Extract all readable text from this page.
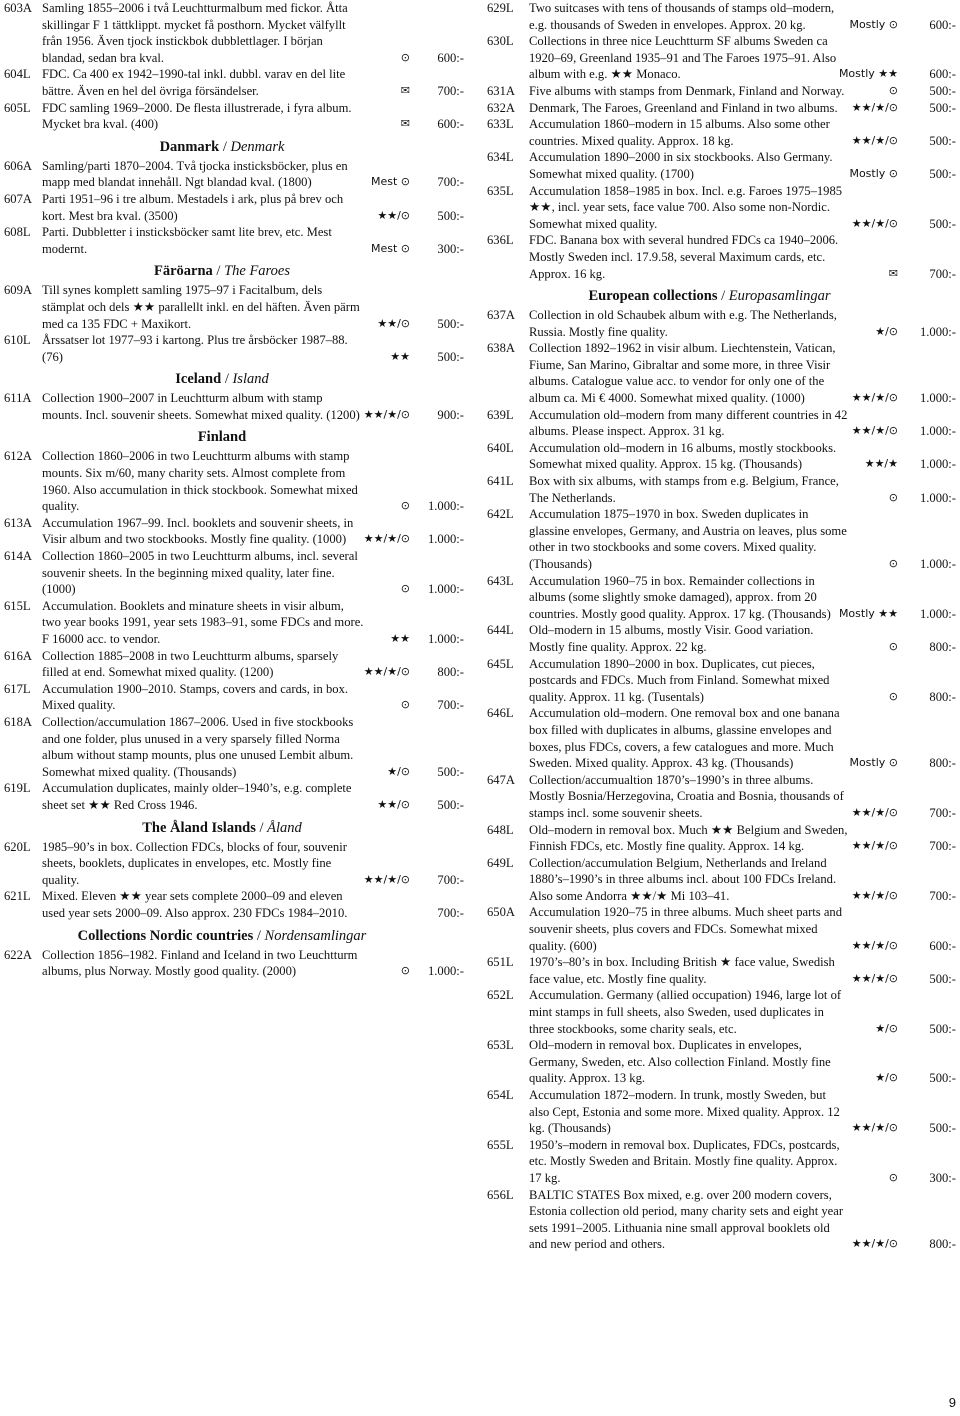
603A Samling 1855–2006 i två Leuchtturmalbum med fickor. Åtta skillingar F 1 tättklippt. mycket få posthorn. Mycket välfyllt från 1956. Även tjock instickbok dubblettlager. I början blandad, sedan bra kval.	⊙ 600:-
604L FDC. Ca 400 ex 1942–1990-tal inkl. dubbl. varav en del lite bättre. Även en hel del övriga försändelser.	✉ 700:-
605L FDC samling 1969–2000. De flesta illustrerade, i fyra album. Mycket bra kval. (400)	✉ 600:-
Danmark / Denmark
606A Samling/parti 1870–2004. Två tjocka insticksböcker, plus en mapp med blandat innehåll. Ngt blandad kval. (1800)	Mest ⊙ 700:-
607A Parti 1951–96 i tre album. Mestadels i ark, plus på brev och kort. Mest bra kval. (3500)	★★/⊙ 500:-
608L Parti. Dubbletter i insticksböcker samt lite brev, etc. Mest modernt.	Mest ⊙ 300:-
Färöarna / The Faroes
609A Till synes komplett samling 1975–97 i Facitalbum, dels stämplat och dels ★★ parallellt inkl. en del häften. Även pärm med ca 135 FDC + Maxikort.	★★/⊙ 500:-
610L Årssatser lot 1977–93 i kartong. Plus tre årsböcker 1987–88. (76)	★★ 500:-
Iceland / Island
611A Collection 1900–2007 in Leuchtturm album with stamp mounts. Incl. souvenir sheets. Somewhat mixed quality. (1200) ★★/★/⊙ 900:-
Finland
612A Collection 1860–2006 in two Leuchtturm albums with stamp mounts. Six m/60, many charity sets. Almost complete from 1960. Also accumulation in thick stockbook. Somewhat mixed quality.	⊙ 1.000:-
613A Accumulation 1967–99. Incl. booklets and souvenir sheets, in Visir album and two stockbooks. Mostly fine quality. (1000)	★★/★/⊙ 1.000:-
614A Collection 1860–2005 in two Leuchtturm albums, incl. several souvenir sheets. In the beginning mixed quality, later fine. (1000)	⊙ 1.000:-
615L Accumulation. Booklets and minature sheets in visir album, two year books 1991, year sets 1983–91, some FDCs and more. F 16000 acc. to vendor.	★★ 1.000:-
616A Collection 1885–2008 in two Leuchtturm albums, sparsely filled at end. Somewhat mixed quality. (1200)	★★/★/⊙ 800:-
617L Accumulation 1900–2010. Stamps, covers and cards, in box. Mixed quality.	⊙ 700:-
618A Collection/accumulation 1867–2006. Used in five stockbooks and one folder, plus unused in a very sparsely filled Norma album without stamp mounts, plus one unused Lembit album. Somewhat mixed quality. (Thousands)	★/⊙ 500:-
619L Accumulation duplicates, mainly older–1940’s, e.g. complete sheet set ★★ Red Cross 1946.	★★/⊙ 500:-
The Åland Islands / Åland
620L 1985–90’s in box. Collection FDCs, blocks of four, souvenir sheets, booklets, duplicates in envelopes, etc. Mostly fine quality.	★★/★/⊙ 700:-
621L Mixed. Eleven ★★ year sets complete 2000–09 and eleven used year sets 2000–09. Also approx. 230 FDCs 1984–2010.	700:-
Collections Nordic countries / Nordensamlingar
622A Collection 1856–1982. Finland and Iceland in two Leuchtturm albums, plus Norway. Mostly good quality. (2000)	⊙ 1.000:-
629L	Two suitcases with tens of thousands of stamps old–modern, e.g. thousands of Sweden in envelopes. Approx. 20 kg.	Mostly ⊙ 600:-
630L	Collections in three nice Leuchtturm SF albums Sweden ca 1920–69, Greenland 1935–91 and The Faroes 1975–91. Also album with e.g. ★★ Monaco.	Mostly ★★ 600:-
631A	Five albums with stamps from Denmark, Finland and Norway.	⊙ 500:-
632A	Denmark, The Faroes, Greenland and Finland in two albums.	★★/★/⊙ 500:-
633L	Accumulation 1860–modern in 15 albums. Also some other countries. Mixed quality. Approx. 18 kg.	★★/★/⊙ 500:-
634L	Accumulation 1890–2000 in six stockbooks. Also Germany. Somewhat mixed quality. (1700)	Mostly ⊙ 500:-
635L	Accumulation 1858–1985 in box. Incl. e.g. Faroes 1975–1985 ★★, incl. year sets, face value 700. Also some non-Nordic. Somewhat mixed quality.	★★/★/⊙ 500:-
636L	FDC. Banana box with several hundred FDCs ca 1940–2006. Mostly Sweden incl. 17.9.58, several Maximum cards, etc. Approx. 16 kg.	✉ 700:-
European collections / Europasamlingar
637A	Collection in old Schaubek album with e.g. The Netherlands, Russia. Mostly fine quality.	★/⊙ 1.000:-
638A	Collection 1892–1962 in visir album. Liechtenstein, Vatican, Fiume, San Marino, Gibraltar and some more, in three Visir albums. Catalogue value acc. to vendor for only one of the album ca. Mi € 4000. Somewhat mixed quality. (1000)	★★/★/⊙ 1.000:-
639L	Accumulation old–modern from many different countries in 42 albums. Please inspect. Approx. 31 kg.	★★/★/⊙ 1.000:-
640L	Accumulation old–modern in 16 albums, mostly stockbooks. Somewhat mixed quality. Approx. 15 kg. (Thousands)	★★/★ 1.000:-
641L	Box with six albums, with stamps from e.g. Belgium, France, The Netherlands.	⊙ 1.000:-
642L	Accumulation 1875–1970 in box. Sweden duplicates in glassine envelopes, Germany, and Austria on leaves, plus some other in two stockbooks and some covers. Mixed quality. (Thousands)	⊙ 1.000:-
643L	Accumulation 1960–75 in box. Remainder collections in albums (some slightly smoke damaged), approx. from 20 countries. Mostly good quality. Approx. 17 kg. (Thousands) Mostly ★★ 1.000:-
644L	Old–modern in 15 albums, mostly Visir. Good variation. Mostly fine quality. Approx. 22 kg.	⊙ 800:-
645L	Accumulation 1890–2000 in box. Duplicates, cut pieces, postcards and FDCs. Much from Finland. Somewhat mixed quality. Approx. 11 kg. (Tusentals)	⊙ 800:-
646L	Accumulation old–modern. One removal box and one banana box filled with duplicates in albums, glassine envelopes and boxes, plus FDCs, covers, a few catalogues and more. Much Sweden. Mixed quality. Approx. 43 kg. (Thousands)	Mostly ⊙ 800:-
647A	Collection/accumualtion 1870’s–1990’s in three albums. Mostly Bosnia/Herzegovina, Croatia and Bosnia, thousands of stamps incl. some souvenir sheets.	★★/★/⊙ 700:-
648L	Old–modern in removal box. Much ★★ Belgium and Sweden, Finnish FDCs, etc. Mostly fine quality. Approx. 14 kg.	★★/★/⊙ 700:-
649L	Collection/accumulation Belgium, Netherlands and Ireland 1880’s–1990’s in three albums incl. about 100 FDCs Ireland. Also some Andorra ★★/★ Mi 103–41.	★★/★/⊙ 700:-
650A	Accumulation 1920–75 in three albums. Much sheet parts and souvenir sheets, plus covers and FDCs. Somewhat mixed quality. (600)	★★/★/⊙ 600:-
651L	1970’s–80’s in box. Including British ★ face value, Swedish face value, etc. Mostly fine quality.	★★/★/⊙ 500:-
652L	Accumulation. Germany (allied occupation) 1946, large lot of mint stamps in full sheets, also Sweden, used duplicates in three stockbooks, some charity seals, etc.	★/⊙ 500:-
653L	Old–modern in removal box. Duplicates in envelopes, Germany, Sweden, etc. Also collection Finland. Mostly fine quality. Approx. 13 kg.	★/⊙ 500:-
654L	Accumulation 1872–modern. In trunk, mostly Sweden, but also Cept, Estonia and some more. Mixed quality. Approx. 12 kg. (Thousands)	★★/★/⊙ 500:-
655L	1950’s–modern in removal box. Duplicates, FDCs, postcards, etc. Mostly Sweden and Britain. Mostly fine quality. Approx. 17 kg.	⊙ 300:-
656L	BALTIC STATES Box mixed, e.g. over 200 modern covers, Estonia collection old period, many charity sets and eight year sets 1991–2005. Lithuania nine small approval booklets old and new period and others.	★★/★/⊙ 800:-
9
